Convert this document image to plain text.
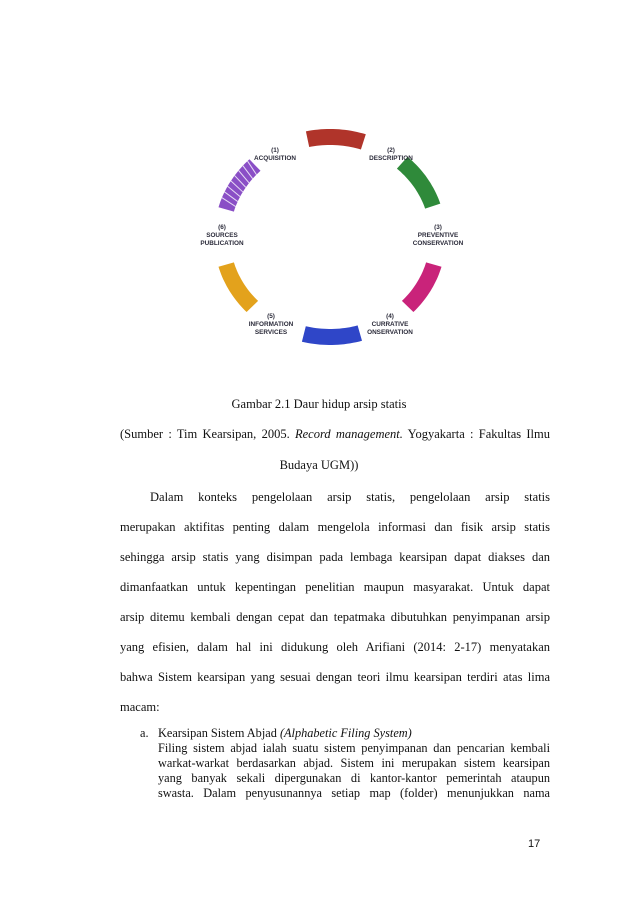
(1)
ACQUISITION
(2)
DESCRIPTION
(3)
PREVENTIVE
CONSERVATION
(4)
CURRATIVE
ONSERVATION
(5)
INFORMATION
SERVICES
(6)
SOURCES
PUBLICATION
Gambar 2.1 Daur hidup arsip statis
(Sumber : Tim Kearsipan, 2005. Record management. Yogyakarta : Fakultas Ilmu
Budaya UGM))
Dalam konteks pengelolaan arsip statis, pengelolaan arsip statis
merupakan aktifitas penting dalam mengelola informasi dan fisik arsip statis
sehingga arsip statis yang disimpan pada lembaga kearsipan dapat diakses dan
dimanfaatkan untuk kepentingan penelitian maupun masyarakat. Untuk dapat
arsip ditemu kembali dengan cepat dan tepatmaka dibutuhkan penyimpanan arsip
yang efisien, dalam hal ini didukung oleh Arifiani (2014: 2-17) menyatakan
bahwa Sistem kearsipan yang sesuai dengan teori ilmu kearsipan terdiri atas lima
macam:
a. Kearsipan Sistem Abjad (Alphabetic Filing System)
Filing sistem abjad ialah suatu sistem penyimpanan dan pencarian kembali
warkat-warkat berdasarkan abjad. Sistem ini merupakan sistem kearsipan
yang banyak sekali dipergunakan di kantor-kantor pemerintah ataupun
swasta. Dalam penyusunannya setiap map (folder) menunjukkan nama
17
